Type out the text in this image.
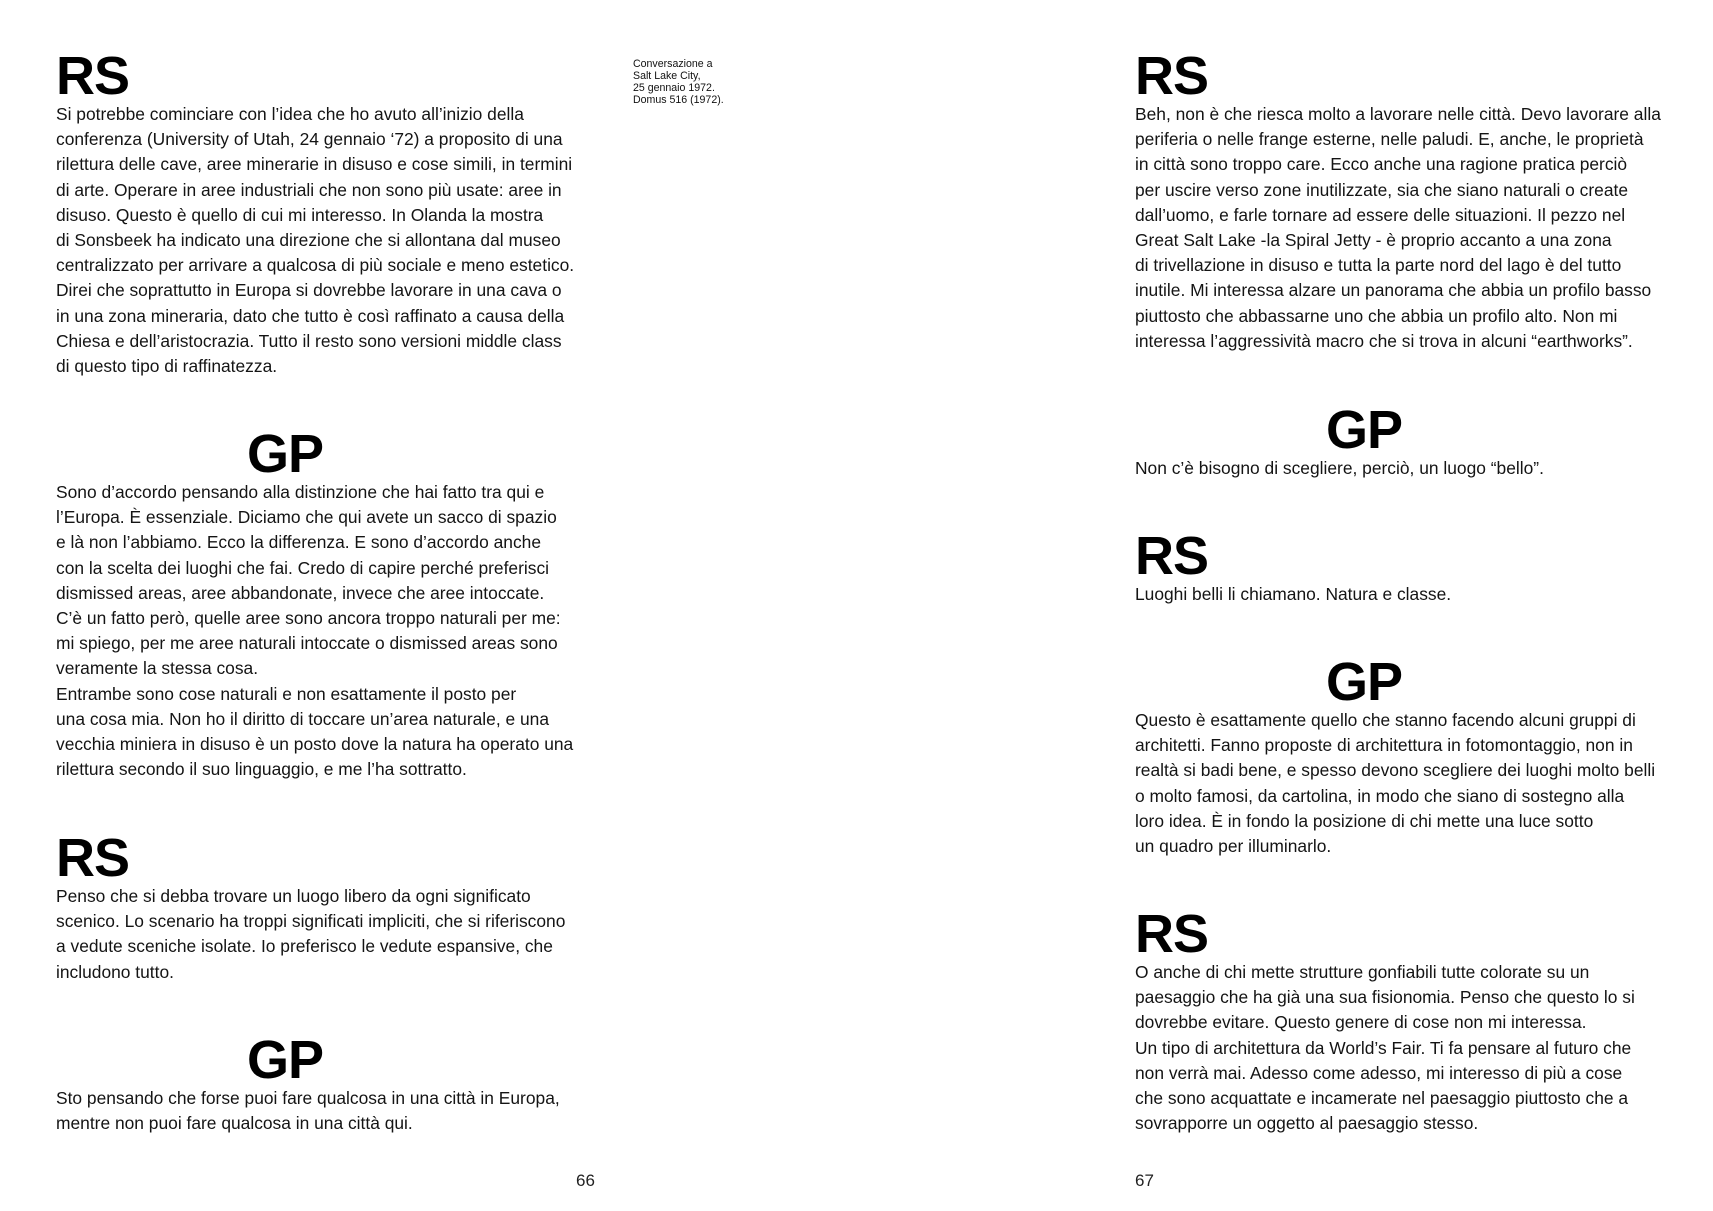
RS

Si potrebbe cominciare con l’idea che ho avuto all’inizio della
conferenza (University of Utah, 24 gennaio ‘72) a proposito di una
rilettura delle cave, aree minerarie in disuso e cose simili, in termini
di arte. Operare in aree industriali che non sono più usate: aree in
disuso. Questo è quello di cui mi interesso. In Olanda la mostra
di Sonsbeek ha indicato una direzione che si allontana dal museo
centralizzato per arrivare a qualcosa di più sociale e meno estetico.
Direi che soprattutto in Europa si dovrebbe lavorare in una cava o
in una zona mineraria, dato che tutto è così raffinato a causa della
Chiesa e dell’aristocrazia. Tutto il resto sono versioni middle class
di questo tipo di raffinatezza.

GP

Sono d’accordo pensando alla distinzione che hai fatto tra qui e
l’Europa. È essenziale. Diciamo che qui avete un sacco di spazio
e là non l’abbiamo. Ecco la differenza. E sono d’accordo anche
con la scelta dei luoghi che fai. Credo di capire perché preferisci
dismissed areas, aree abbandonate, invece che aree intoccate.
C’è un fatto però, quelle aree sono ancora troppo naturali per me:
mi spiego, per me aree naturali intoccate o dismissed areas sono
veramente la stessa cosa.
Entrambe sono cose naturali e non esattamente il posto per
una cosa mia. Non ho il diritto di toccare un’area naturale, e una
vecchia miniera in disuso è un posto dove la natura ha operato una
rilettura secondo il suo linguaggio, e me l’ha sottratto.

RS

Penso che si debba trovare un luogo libero da ogni significato
scenico. Lo scenario ha troppi significati impliciti, che si riferiscono
a vedute sceniche isolate. Io preferisco le vedute espansive, che
includono tutto.

GP

Sto pensando che forse puoi fare qualcosa in una città in Europa,
mentre non puoi fare qualcosa in una città qui.

66
Conversazione a
Salt Lake City,
25 gennaio 1972.
Domus 516 (1972).	RS

Beh, non è che riesca molto a lavorare nelle città. Devo lavorare alla
periferia o nelle frange esterne, nelle paludi. E, anche, le proprietà
in città sono troppo care. Ecco anche una ragione pratica perciò
per uscire verso zone inutilizzate, sia che siano naturali o create
dall’uomo, e farle tornare ad essere delle situazioni. Il pezzo nel
Great Salt Lake -la Spiral Jetty - è proprio accanto a una zona
di trivellazione in disuso e tutta la parte nord del lago è del tutto
inutile. Mi interessa alzare un panorama che abbia un profilo basso
piuttosto che abbassarne uno che abbia un profilo alto. Non mi
interessa l’aggressività macro che si trova in alcuni “earthworks”.

GP

Non c’è bisogno di scegliere, perciò, un luogo “bello”.

RS

Luoghi belli li chiamano. Natura e classe.

GP

Questo è esattamente quello che stanno facendo alcuni gruppi di
architetti. Fanno proposte di architettura in fotomontaggio, non in
realtà si badi bene, e spesso devono scegliere dei luoghi molto belli
o molto famosi, da cartolina, in modo che siano di sostegno alla
loro idea. È in fondo la posizione di chi mette una luce sotto
un quadro per illuminarlo.

RS

O anche di chi mette strutture gonfiabili tutte colorate su un
paesaggio che ha già una sua fisionomia. Penso che questo lo si
dovrebbe evitare. Questo genere di cose non mi interessa.
Un tipo di architettura da World’s Fair. Ti fa pensare al futuro che
non verrà mai. Adesso come adesso, mi interesso di più a cose
che sono acquattate e incamerate nel paesaggio piuttosto che a
sovrapporre un oggetto al paesaggio stesso.

67
